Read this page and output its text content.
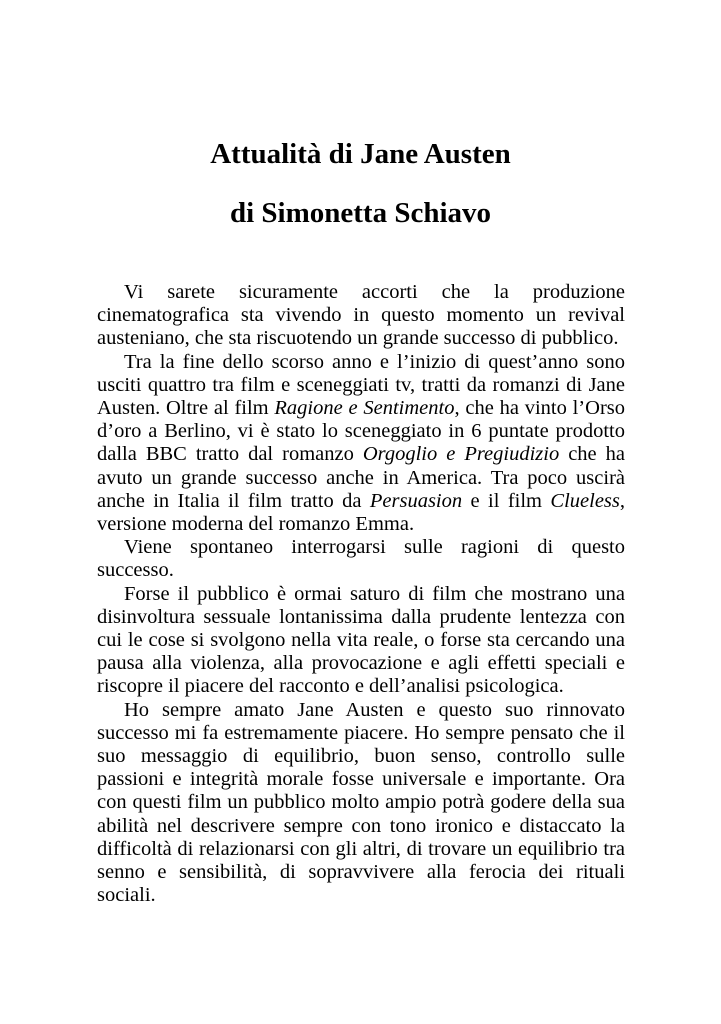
Attualità di Jane Austen
di Simonetta Schiavo

Vi sarete sicuramente accorti che la produzione cinematografica sta vivendo in questo momento un revival austeniano, che sta riscuotendo un grande successo di pubblico.

Tra la fine dello scorso anno e l’inizio di quest’anno sono usciti quattro tra film e sceneggiati tv, tratti da romanzi di Jane Austen. Oltre al film Ragione e Sentimento, che ha vinto l’Orso d’oro a Berlino, vi è stato lo sceneggiato in 6 puntate prodotto dalla BBC tratto dal romanzo Orgoglio e Pregiudizio che ha avuto un grande successo anche in America. Tra poco uscirà anche in Italia il film tratto da Persuasion e il film Clueless, versione moderna del romanzo Emma.

Viene spontaneo interrogarsi sulle ragioni di questo successo.

Forse il pubblico è ormai saturo di film che mostrano una disinvoltura sessuale lontanissima dalla prudente lentezza con cui le cose si svolgono nella vita reale, o forse sta cercando una pausa alla violenza, alla provocazione e agli effetti speciali e riscopre il piacere del racconto e dell’analisi psicologica.

Ho sempre amato Jane Austen e questo suo rinnovato successo mi fa estremamente piacere. Ho sempre pensato che il suo messaggio di equilibrio, buon senso, controllo sulle passioni e integrità morale fosse universale e importante. Ora con questi film un pubblico molto ampio potrà godere della sua abilità nel descrivere sempre con tono ironico e distaccato la difficoltà di relazionarsi con gli altri, di trovare un equilibrio tra senno e sensibilità, di sopravvivere alla ferocia dei rituali sociali.
